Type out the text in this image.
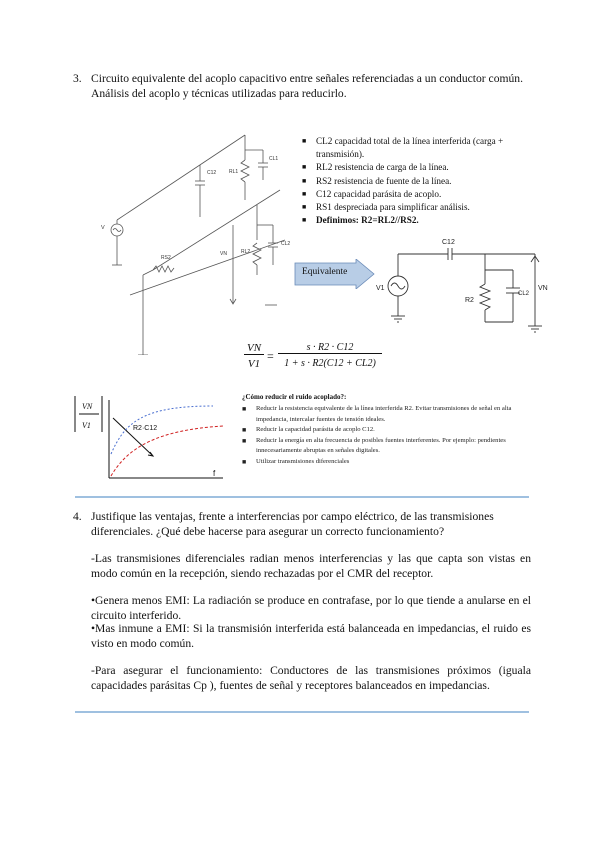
3. Circuito equivalente del acoplo capacitivo entre señales referenciadas a un conductor común.
Análisis del acoplo y técnicas utilizadas para reducirlo.
V
C12	RL1
CL1
RL2
CL2
RS2
VN
■ CL2 capacidad total de la línea interferida (carga + transmisión).
■ RL2 resistencia de carga de la línea.
■ RS2 resistencia de fuente de la línea.
■ C12 capacidad parásita de acoplo.
■ RS1 despreciada para simplificar análisis.
■ Definimos: R2=RL2//RS2.
Equivalente
C12
V1
R2
CL2
VN
VN
V1
=
s · R2 · C12
1 + s · R2(C12 + CL2)
VN
V1	R2·C12
f
¿Cómo reducir el ruido acoplado?:
■ Reducir la resistencia equivalente de la línea interferida R2. Evitar transmisiones de señal en alta impedancia, intercalar fuentes de tensión ideales.
■ Reducir la capacidad parásita de acoplo C12.
■ Reducir la energía en alta frecuencia de posibles fuentes interferentes. Por ejemplo: pendientes innecesariamente abruptas en señales digitales.
■ Utilizar transmisiones diferenciales
4. Justifique las ventajas, frente a interferencias por campo eléctrico, de las transmisiones
diferenciales. ¿Qué debe hacerse para asegurar un correcto funcionamiento?
-Las transmisiones diferenciales radian menos interferencias y las que capta son vistas en modo común en la recepción, siendo rechazadas por el CMR del receptor.
•Genera menos EMI: La radiación se produce en contrafase, por lo que tiende a anularse en el circuito interferido.
•Mas inmune a EMI: Si la transmisión interferida está balanceada en impedancias, el ruido es visto en modo común.
-Para asegurar el funcionamiento: Conductores de las transmisiones próximos (iguala capacidades parásitas Cp ), fuentes de señal y receptores balanceados en impedancias.
